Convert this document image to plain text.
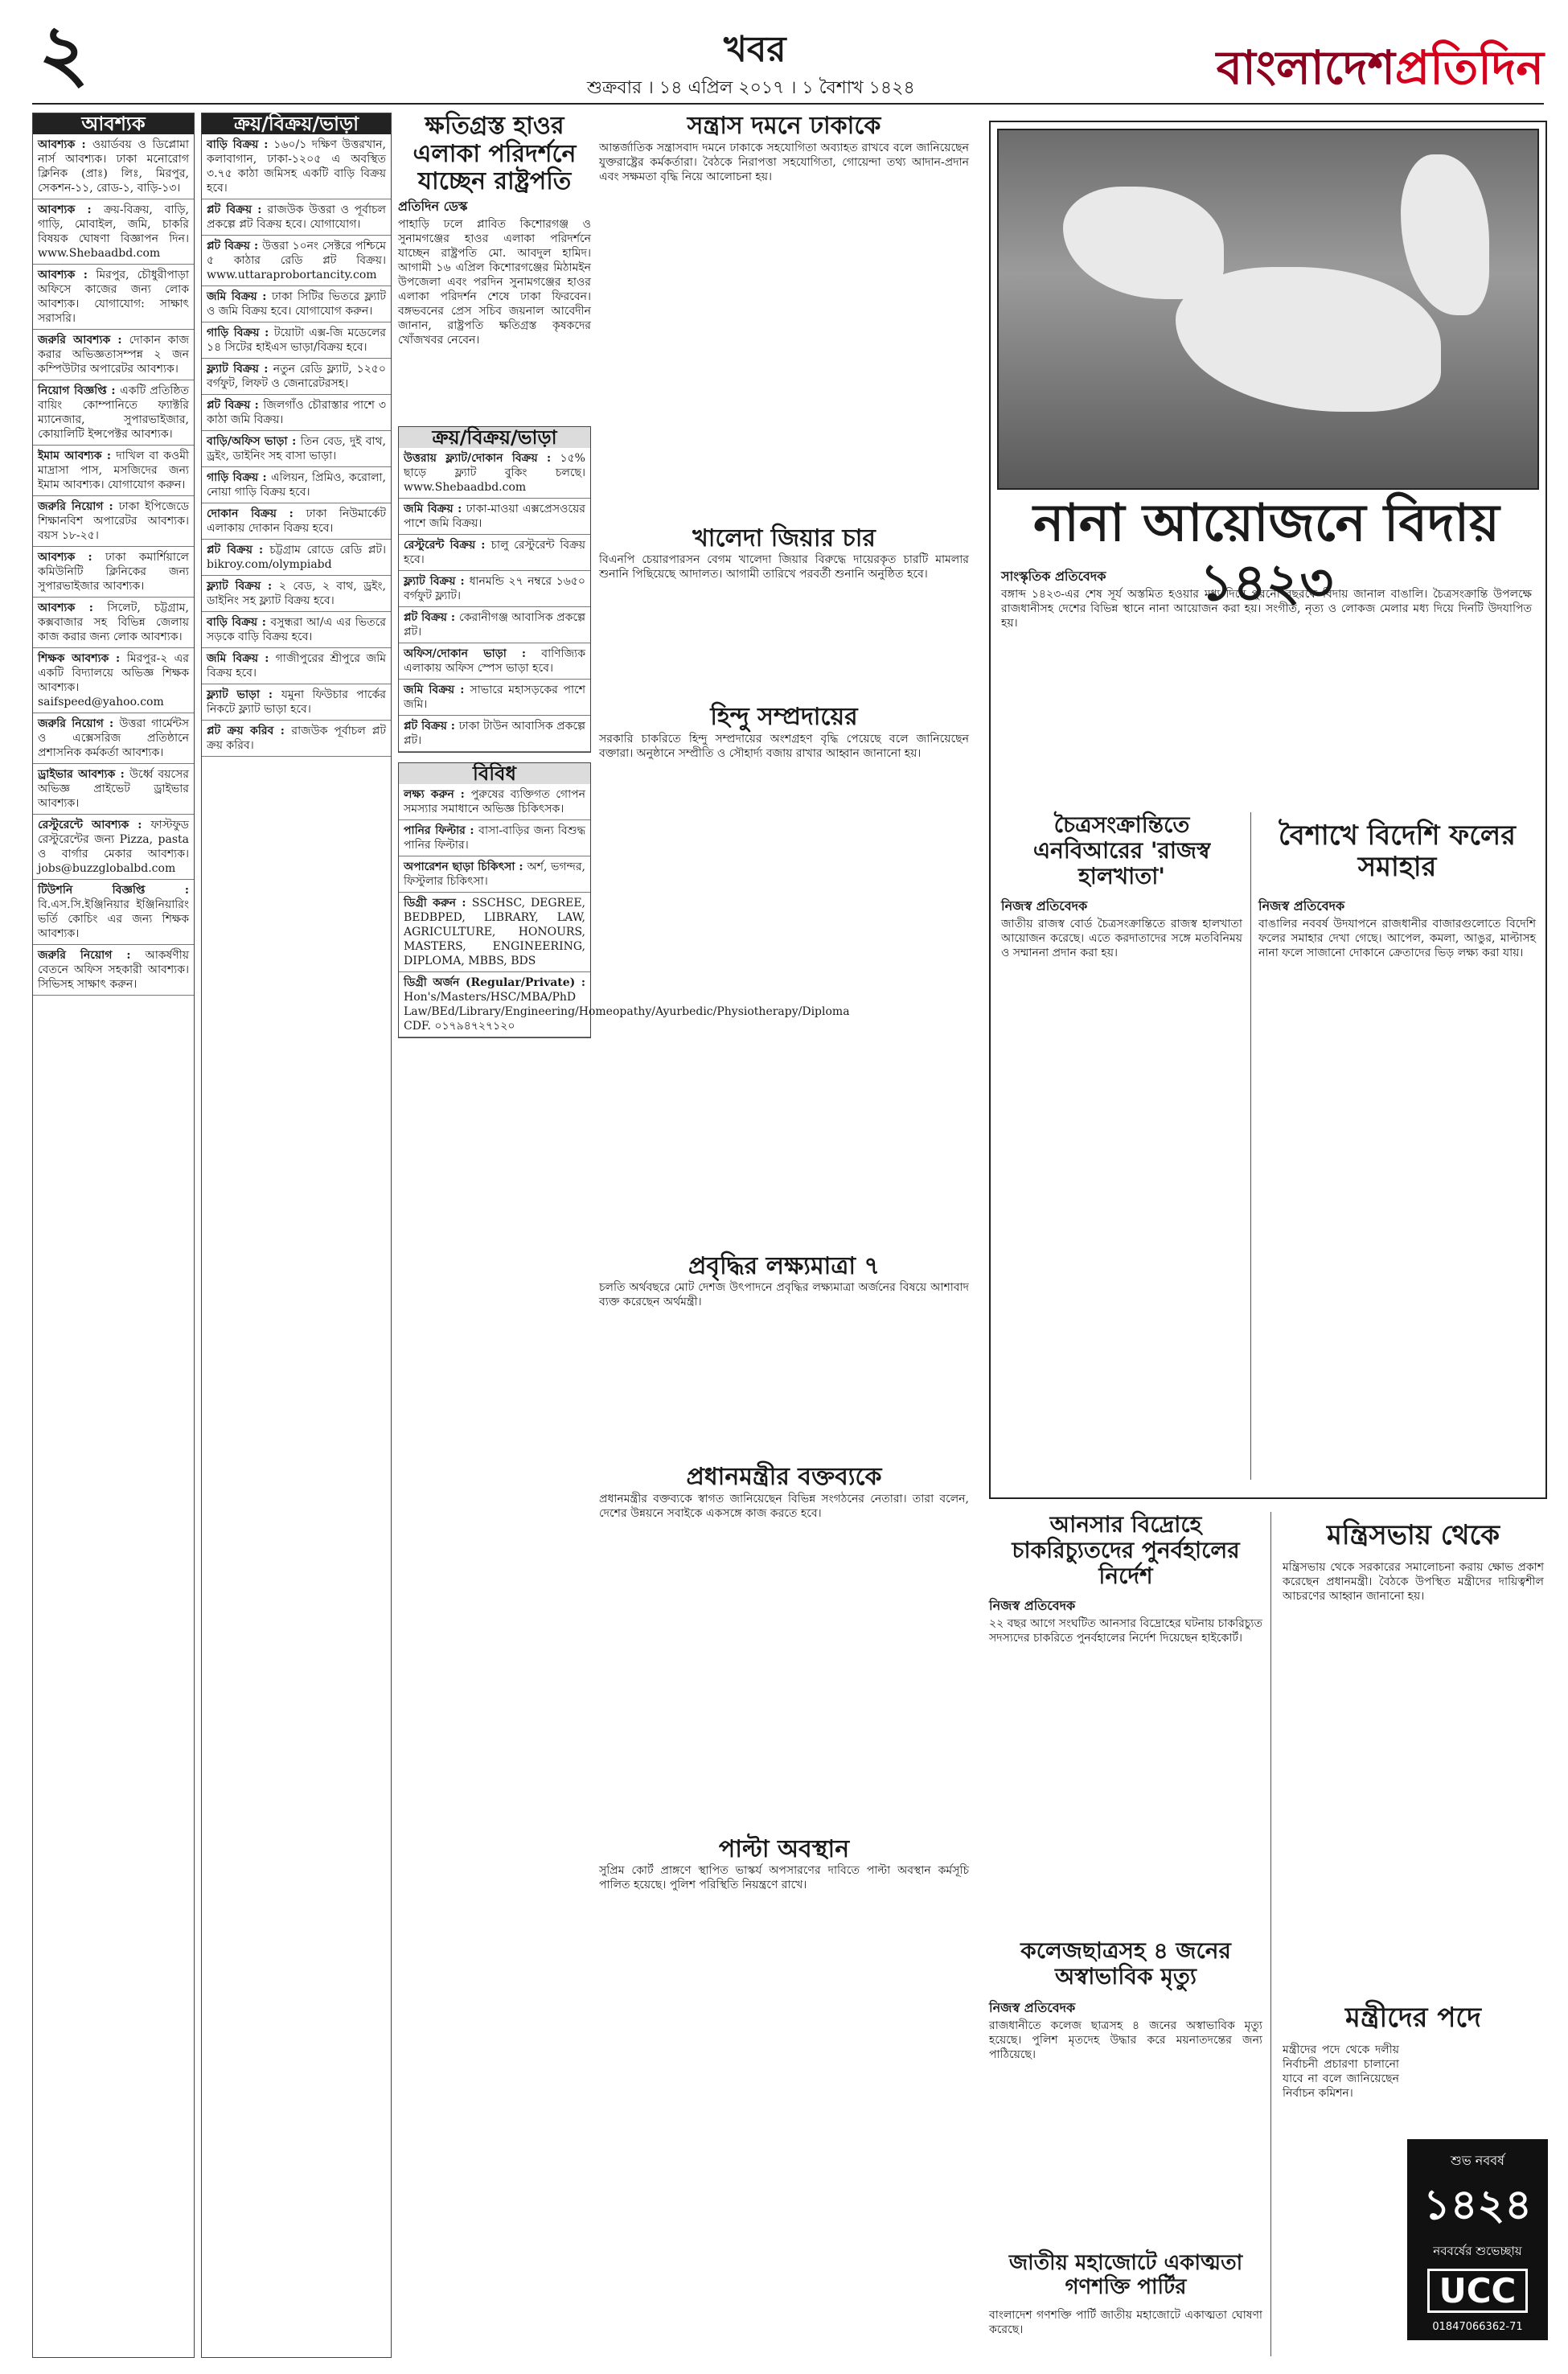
২	খবর
শুক্রবার । ১৪ এপ্রিল ২০১৭ । ১ বৈশাখ ১৪২৪	বাংলাদেশপ্রতিদিন
আবশ্যক
আবশ্যক : ওয়ার্ডবয় ও ডিপ্লোমা নার্স আবশ্যক। ঢাকা মনোরোগ ক্লিনিক (প্রাঃ) লিঃ, মিরপুর, সেকশন-১১, রোড-১, বাড়ি-১৩।
আবশ্যক : ক্রয়-বিক্রয়, বাড়ি, গাড়ি, মোবাইল, জমি, চাকরি বিষয়ক ঘোষণা বিজ্ঞাপন দিন। www.Shebaadbd.com
আবশ্যক : মিরপুর, চৌধুরীপাড়া অফিসে কাজের জন্য লোক আবশ্যক। যোগাযোগ: সাক্ষাৎ সরাসরি।
জরুরি আবশ্যক : দোকান কাজ করার অভিজ্ঞতাসম্পন্ন ২ জন কম্পিউটার অপারেটর আবশ্যক।
নিয়োগ বিজ্ঞপ্তি : একটি প্রতিষ্ঠিত বায়িং কোম্পানিতে ফ্যাক্টরি ম্যানেজার, সুপারভাইজার, কোয়ালিটি ইন্সপেক্টর আবশ্যক।
ইমাম আবশ্যক : দাখিল বা কওমী মাদ্রাসা পাস, মসজিদের জন্য ইমাম আবশ্যক। যোগাযোগ করুন।
জরুরি নিয়োগ : ঢাকা ইপিজেডে শিক্ষানবিশ অপারেটর আবশ্যক। বয়স ১৮-২৫।
আবশ্যক : ঢাকা কমার্শিয়ালে কমিউনিটি ক্লিনিকের জন্য সুপারভাইজার আবশ্যক।
আবশ্যক : সিলেট, চট্টগ্রাম, কক্সবাজার সহ বিভিন্ন জেলায় কাজ করার জন্য লোক আবশ্যক।
শিক্ষক আবশ্যক : মিরপুর-২ এর একটি বিদ্যালয়ে অভিজ্ঞ শিক্ষক আবশ্যক। saifspeed@yahoo.com
জরুরি নিয়োগ : উত্তরা গার্মেন্টস ও এক্সেসরিজ প্রতিষ্ঠানে প্রশাসনিক কর্মকর্তা আবশ্যক।
ড্রাইভার আবশ্যক : উর্ধ্বে বয়সের অভিজ্ঞ প্রাইভেট ড্রাইভার আবশ্যক।
রেস্টুরেন্টে আবশ্যক : ফাস্টফুড রেস্টুরেন্টের জন্য Pizza, pasta ও বার্গার মেকার আবশ্যক। jobs@buzzglobalbd.com
টিউশনি বিজ্ঞপ্তি : বি.এস.সি.ইঞ্জিনিয়ার ইঞ্জিনিয়ারিং ভর্তি কোচিং এর জন্য শিক্ষক আবশ্যক।
জরুরি নিয়োগ : আকর্ষণীয় বেতনে অফিস সহকারী আবশ্যক। সিভিসহ সাক্ষাৎ করুন।
ক্রয়/বিক্রয়/ভাড়া
বাড়ি বিক্রয় : ১৬০/১ দক্ষিণ উত্তরখান, কলাবাগান, ঢাকা-১২০৫ এ অবস্থিত ৩.৭৫ কাঠা জমিসহ একটি বাড়ি বিক্রয় হবে।
প্লট বিক্রয় : রাজউক উত্তরা ও পূর্বাচল প্রকল্পে প্লট বিক্রয় হবে। যোগাযোগ।
প্লট বিক্রয় : উত্তরা ১০নং সেক্টরে পশ্চিমে ৫ কাঠার রেডি প্লট বিক্রয়। www.uttaraprobortancity.com
জমি বিক্রয় : ঢাকা সিটির ভিতরে ফ্ল্যাট ও জমি বিক্রয় হবে। যোগাযোগ করুন।
গাড়ি বিক্রয় : টয়োটা এক্স-জি মডেলের ১৪ সিটের হাইএস ভাড়া/বিক্রয় হবে।
ফ্ল্যাট বিক্রয় : নতুন রেডি ফ্ল্যাট, ১২৫০ বর্গফুট, লিফট ও জেনারেটরসহ।
প্লট বিক্রয় : জিলগাঁও চৌরাস্তার পাশে ৩ কাঠা জমি বিক্রয়।
বাড়ি/অফিস ভাড়া : তিন বেড, দুই বাথ, ড্রইং, ডাইনিং সহ বাসা ভাড়া।
গাড়ি বিক্রয় : এলিয়ন, প্রিমিও, করোলা, নোয়া গাড়ি বিক্রয় হবে।
দোকান বিক্রয় : ঢাকা নিউমার্কেট এলাকায় দোকান বিক্রয় হবে।
প্লট বিক্রয় : চট্টগ্রাম রোডে রেডি প্লট। bikroy.com/olympiabd
ফ্ল্যাট বিক্রয় : ২ বেড, ২ বাথ, ড্রইং, ডাইনিং সহ ফ্ল্যাট বিক্রয় হবে।
বাড়ি বিক্রয় : বসুন্ধরা আ/এ এর ভিতরে সড়কে বাড়ি বিক্রয় হবে।
জমি বিক্রয় : গাজীপুরের শ্রীপুরে জমি বিক্রয় হবে।
ফ্ল্যাট ভাড়া : যমুনা ফিউচার পার্কের নিকটে ফ্ল্যাট ভাড়া হবে।
প্লট ক্রয় করিব : রাজউক পূর্বাচল প্লট ক্রয় করিব।
ক্ষতিগ্রস্ত হাওর এলাকা পরিদর্শনে যাচ্ছেন রাষ্ট্রপতি
প্রতিদিন ডেস্ক
পাহাড়ি ঢলে প্লাবিত কিশোরগঞ্জ ও সুনামগঞ্জের হাওর এলাকা পরিদর্শনে যাচ্ছেন রাষ্ট্রপতি মো. আবদুল হামিদ। আগামী ১৬ এপ্রিল কিশোরগঞ্জের মিঠামইন উপজেলা এবং পরদিন সুনামগঞ্জের হাওর এলাকা পরিদর্শন শেষে ঢাকা ফিরবেন। বঙ্গভবনের প্রেস সচিব জয়নাল আবেদীন জানান, রাষ্ট্রপতি ক্ষতিগ্রস্ত কৃষকদের খোঁজখবর নেবেন।
ক্রয়/বিক্রয়/ভাড়া
উত্তরায় ফ্ল্যাট/দোকান বিক্রয় : ১৫% ছাড়ে ফ্ল্যাট বুকিং চলছে। www.Shebaadbd.com
জমি বিক্রয় : ঢাকা-মাওয়া এক্সপ্রেসওয়ের পাশে জমি বিক্রয়।
রেস্টুরেন্ট বিক্রয় : চালু রেস্টুরেন্ট বিক্রয় হবে।
ফ্ল্যাট বিক্রয় : ধানমন্ডি ২৭ নম্বরে ১৬৫০ বর্গফুট ফ্ল্যাট।
প্লট বিক্রয় : কেরানীগঞ্জ আবাসিক প্রকল্পে প্লট।
অফিস/দোকান ভাড়া : বাণিজ্যিক এলাকায় অফিস স্পেস ভাড়া হবে।
জমি বিক্রয় : সাভারে মহাসড়কের পাশে জমি।
প্লট বিক্রয় : ঢাকা টাউন আবাসিক প্রকল্পে প্লট।
বিবিধ
লক্ষ্য করুন : পুরুষের ব্যক্তিগত গোপন সমস্যার সমাধানে অভিজ্ঞ চিকিৎসক।
পানির ফিল্টার : বাসা-বাড়ির জন্য বিশুদ্ধ পানির ফিল্টার।
অপারেশন ছাড়া চিকিৎসা : অর্শ, ভগন্দর, ফিস্টুলার চিকিৎসা।
ডিগ্রী করুন : SSCHSC, DEGREE, BEDBPED, LIBRARY, LAW, AGRICULTURE, HONOURS, MASTERS, ENGINEERING, DIPLOMA, MBBS, BDS
ডিগ্রী অর্জন (Regular/Private) : Hon's/Masters/HSC/MBA/PhD Law/BEd/Library/Engineering/Homeopathy/Ayurbedic/Physiotherapy/Diploma CDF. ০১৭৯৪৭২৭১২০
সন্ত্রাস দমনে ঢাকাকে
আন্তর্জাতিক সন্ত্রাসবাদ দমনে ঢাকাকে সহযোগিতা অব্যাহত রাখবে বলে জানিয়েছেন যুক্তরাষ্ট্রের কর্মকর্তারা। বৈঠকে নিরাপত্তা সহযোগিতা, গোয়েন্দা তথ্য আদান-প্রদান এবং সক্ষমতা বৃদ্ধি নিয়ে আলোচনা হয়।
খালেদা জিয়ার চার
বিএনপি চেয়ারপারসন বেগম খালেদা জিয়ার বিরুদ্ধে দায়েরকৃত চারটি মামলার শুনানি পিছিয়েছে আদালত। আগামী তারিখে পরবর্তী শুনানি অনুষ্ঠিত হবে।
হিন্দু সম্প্রদায়ের
সরকারি চাকরিতে হিন্দু সম্প্রদায়ের অংশগ্রহণ বৃদ্ধি পেয়েছে বলে জানিয়েছেন বক্তারা। অনুষ্ঠানে সম্প্রীতি ও সৌহার্দ্য বজায় রাখার আহ্বান জানানো হয়।
প্রবৃদ্ধির লক্ষ্যমাত্রা ৭
চলতি অর্থবছরে মোট দেশজ উৎপাদনে প্রবৃদ্ধির লক্ষ্যমাত্রা অর্জনের বিষয়ে আশাবাদ ব্যক্ত করেছেন অর্থমন্ত্রী।
প্রধানমন্ত্রীর বক্তব্যকে
প্রধানমন্ত্রীর বক্তব্যকে স্বাগত জানিয়েছেন বিভিন্ন সংগঠনের নেতারা। তারা বলেন, দেশের উন্নয়নে সবাইকে একসঙ্গে কাজ করতে হবে।
পাল্টা অবস্থান
সুপ্রিম কোর্ট প্রাঙ্গণে স্থাপিত ভাস্কর্য অপসারণের দাবিতে পাল্টা অবস্থান কর্মসূচি পালিত হয়েছে। পুলিশ পরিস্থিতি নিয়ন্ত্রণে রাখে।
নানা আয়োজনে বিদায় ১৪২৩
সাংস্কৃতিক প্রতিবেদক
বঙ্গাব্দ ১৪২৩-এর শেষ সূর্য অস্তমিত হওয়ার মধ্য দিয়ে পুরনো বছরকে বিদায় জানাল বাঙালি। চৈত্রসংক্রান্তি উপলক্ষে রাজধানীসহ দেশের বিভিন্ন স্থানে নানা আয়োজন করা হয়। সংগীত, নৃত্য ও লোকজ মেলার মধ্য দিয়ে দিনটি উদযাপিত হয়।
চৈত্রসংক্রান্তিতে এনবিআরের 'রাজস্ব হালখাতা'
নিজস্ব প্রতিবেদক
জাতীয় রাজস্ব বোর্ড চৈত্রসংক্রান্তিতে রাজস্ব হালখাতা আয়োজন করেছে। এতে করদাতাদের সঙ্গে মতবিনিময় ও সম্মাননা প্রদান করা হয়।
বৈশাখে বিদেশি ফলের সমাহার
নিজস্ব প্রতিবেদক
বাঙালির নববর্ষ উদযাপনে রাজধানীর বাজারগুলোতে বিদেশি ফলের সমাহার দেখা গেছে। আপেল, কমলা, আঙুর, মাল্টাসহ নানা ফলে সাজানো দোকানে ক্রেতাদের ভিড় লক্ষ্য করা যায়।
আনসার বিদ্রোহে চাকরিচ্যুতদের পুনর্বহালের নির্দেশ
নিজস্ব প্রতিবেদক
২২ বছর আগে সংঘটিত আনসার বিদ্রোহের ঘটনায় চাকরিচ্যুত সদস্যদের চাকরিতে পুনর্বহালের নির্দেশ দিয়েছেন হাইকোর্ট।
কলেজছাত্রসহ ৪ জনের অস্বাভাবিক মৃত্যু
নিজস্ব প্রতিবেদক
রাজধানীতে কলেজ ছাত্রসহ ৪ জনের অস্বাভাবিক মৃত্যু হয়েছে। পুলিশ মৃতদেহ উদ্ধার করে ময়নাতদন্তের জন্য পাঠিয়েছে।
জাতীয় মহাজোটে একাত্মতা গণশক্তি পার্টির
বাংলাদেশ গণশক্তি পার্টি জাতীয় মহাজোটে একাত্মতা ঘোষণা করেছে।
মন্ত্রিসভায় থেকে
মন্ত্রিসভায় থেকে সরকারের সমালোচনা করায় ক্ষোভ প্রকাশ করেছেন প্রধানমন্ত্রী। বৈঠকে উপস্থিত মন্ত্রীদের দায়িত্বশীল আচরণের আহ্বান জানানো হয়।
মন্ত্রীদের পদে
মন্ত্রীদের পদে থেকে দলীয় নির্বাচনী প্রচারণা চালানো যাবে না বলে জানিয়েছেন নির্বাচন কমিশন।
শুভ নববর্ষ
১৪২৪
নববর্ষের শুভেচ্ছায়
UCC
01847066362-71
